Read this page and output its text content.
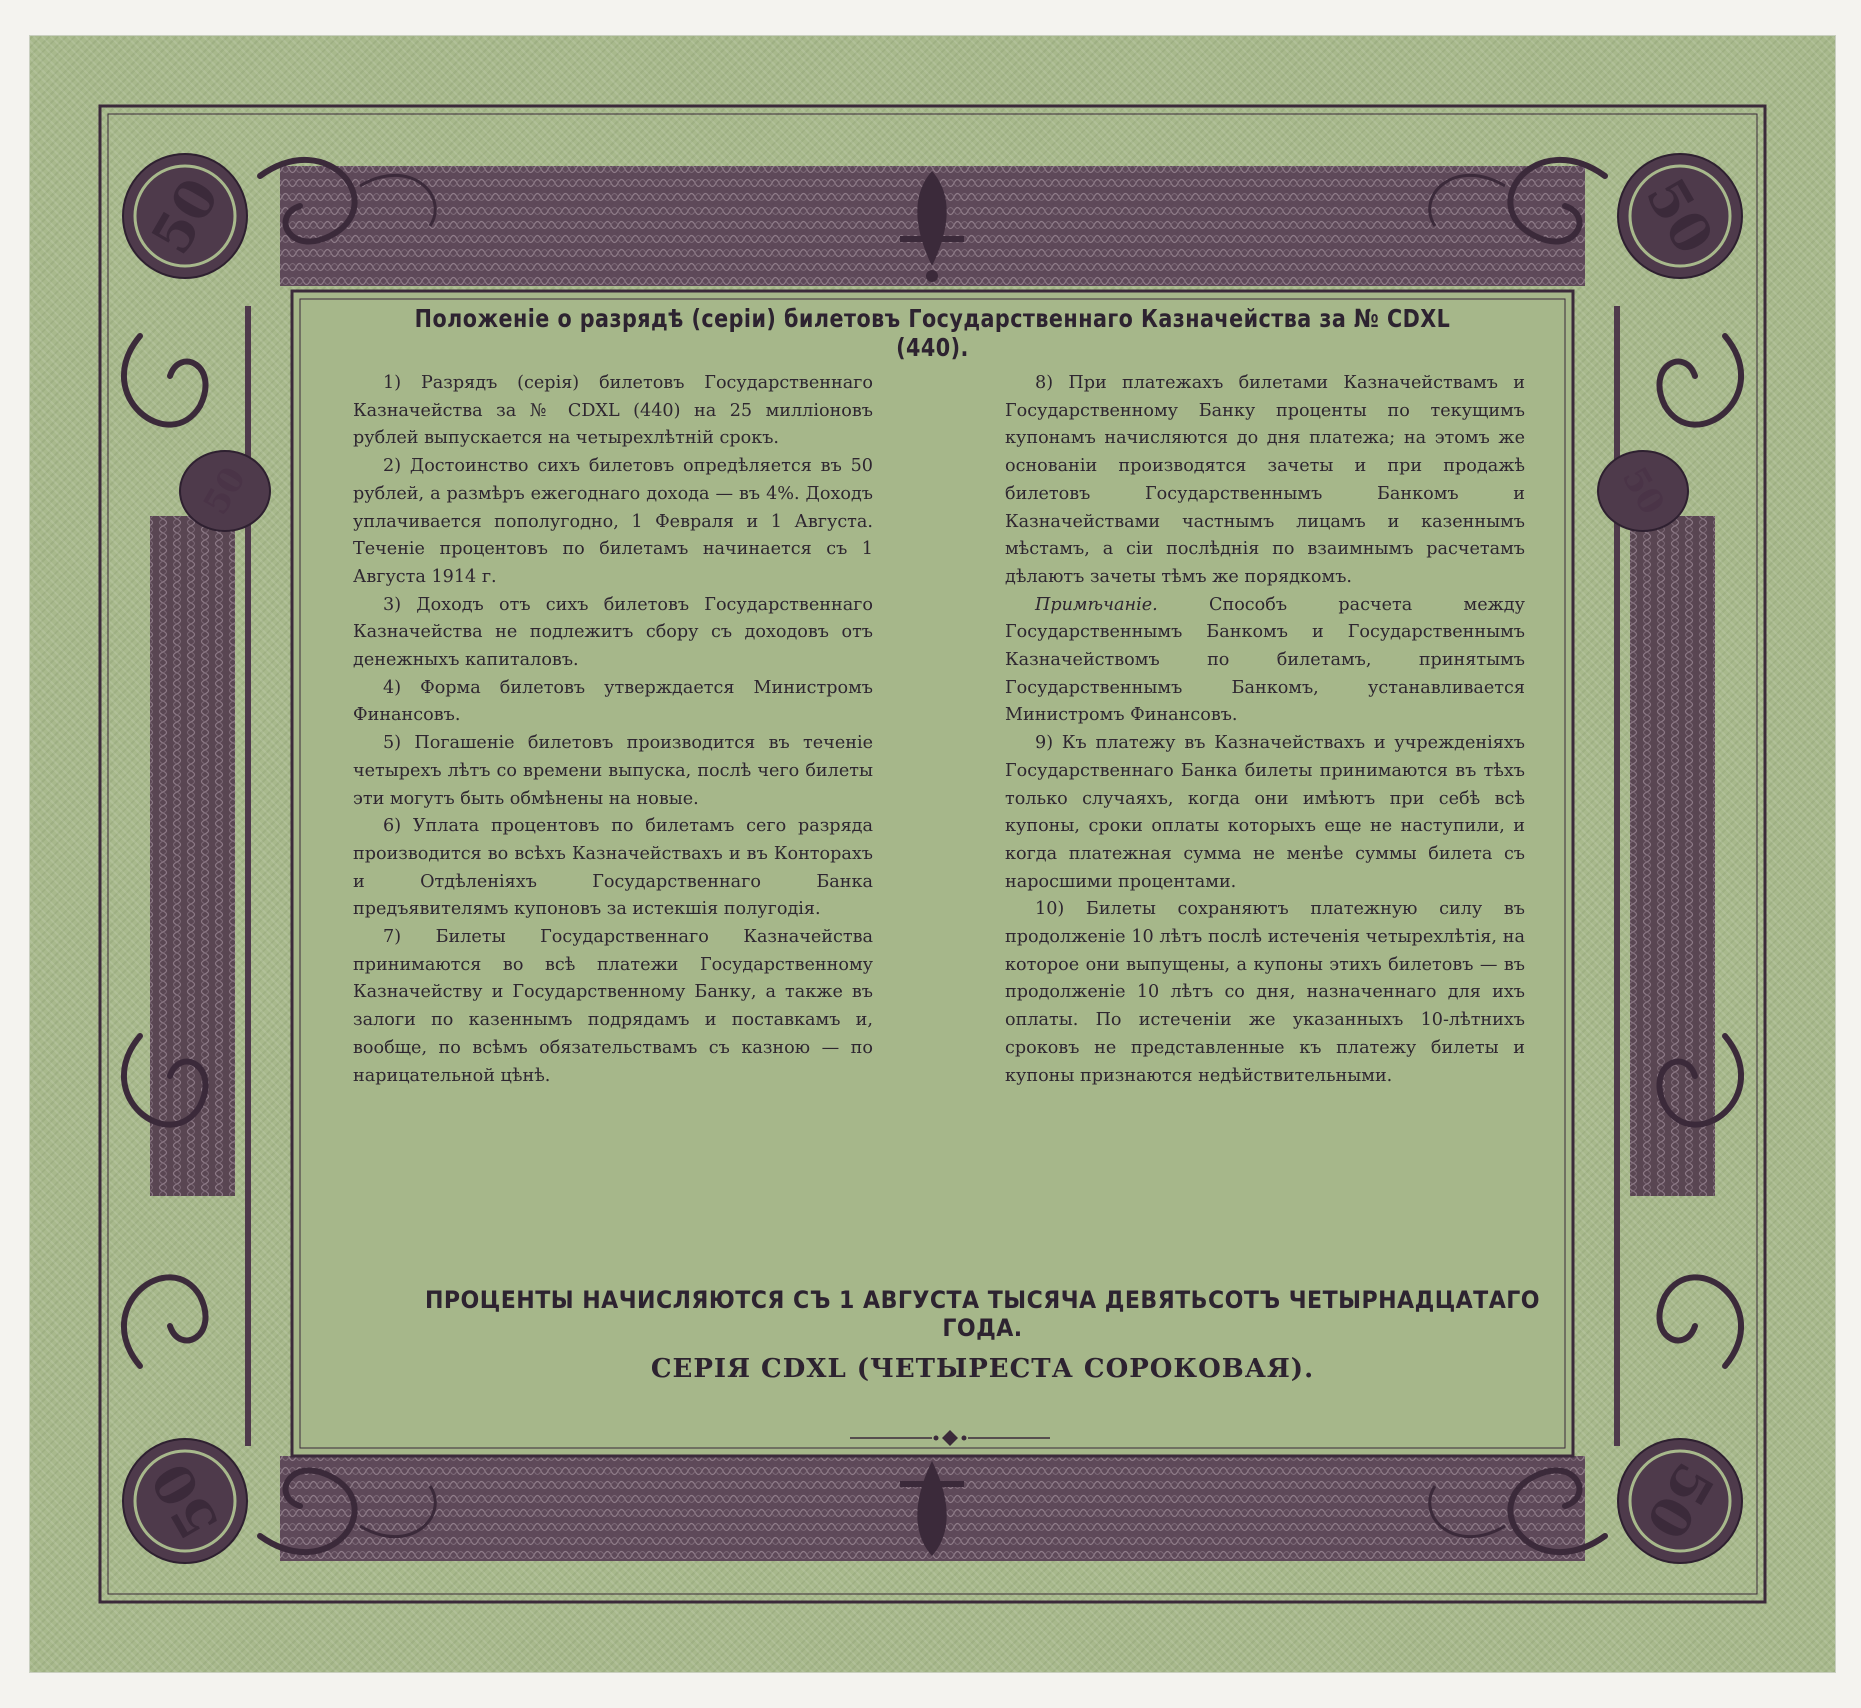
50	50
50	50
50	50
Положенiе о разрядѣ (серiи) билетовъ Государственнаго Казначейства за № CDXL (440).

1) Разрядъ (серiя) билетовъ Государственнаго Казначейства за № CDXL (440) на 25 миллiоновъ рублей выпускается на четырехлѣтнiй срокъ.

2) Достоинство сихъ билетовъ опредѣляется въ 50 рублей, а размѣръ ежегоднаго дохода — въ 4%. Доходъ уплачивается пополугодно, 1 Февраля и 1 Августа. Теченiе процентовъ по билетамъ начинается съ 1 Августа 1914 г.

3) Доходъ отъ сихъ билетовъ Государственнаго Казначейства не подлежитъ сбору съ доходовъ отъ денежныхъ капиталовъ.

4) Форма билетовъ утверждается Министромъ Финансовъ.

5) Погашенiе билетовъ производится въ теченiе четырехъ лѣтъ со времени выпуска, послѣ чего билеты эти могутъ быть обмѣнены на новые.

6) Уплата процентовъ по билетамъ сего разряда производится во всѣхъ Казначействахъ и въ Конторахъ и Отдѣленiяхъ Государственнаго Банка предъявителямъ купоновъ за истекшiя полугодiя.

7) Билеты Государственнаго Казначейства принимаются во всѣ платежи Государственному Казначейству и Государственному Банку, а также въ залоги по казеннымъ подрядамъ и поставкамъ и, вообще, по всѣмъ обязательствамъ съ казною — по нарицательной цѣнѣ.

8) При платежахъ билетами Казначействамъ и Государственному Банку проценты по текущимъ купонамъ начисляются до дня платежа; на этомъ же основанiи производятся зачеты и при продажѣ билетовъ Государственнымъ Банкомъ и Казначействами частнымъ лицамъ и казеннымъ мѣстамъ, а сiи послѣднiя по взаимнымъ расчетамъ дѣлаютъ зачеты тѣмъ же порядкомъ.

Примѣчанiе.	Способъ расчета между Государственнымъ Банкомъ и Государственнымъ Казначействомъ по билетамъ, принятымъ Государственнымъ Банкомъ, устанавливается Министромъ Финансовъ.

9) Къ платежу въ Казначействахъ и учрежденiяхъ Государственнаго Банка билеты принимаются въ тѣхъ только случаяхъ, когда они имѣютъ при себѣ всѣ купоны, сроки оплаты которыхъ еще не наступили, и когда платежная сумма не менѣе суммы билета съ наросшими процентами.

10) Билеты сохраняютъ платежную силу въ продолженiе 10 лѣтъ послѣ истеченiя четырехлѣтiя, на которое они выпущены, а купоны этихъ билетовъ — въ продолженiе 10 лѣтъ со дня, назначеннаго для ихъ оплаты. По истеченiи же указанныхъ 10-лѣтнихъ сроковъ не представленные къ платежу билеты и купоны признаются недѣйствительными.

ПРОЦЕНТЫ НАЧИСЛЯЮТСЯ СЪ 1 АВГУСТА ТЫСЯЧА ДЕВЯТЬСОТЪ ЧЕТЫРНАДЦАТАГО ГОДА.
СЕРIЯ CDXL (ЧЕТЫРЕСТА СОРОКОВАЯ).
